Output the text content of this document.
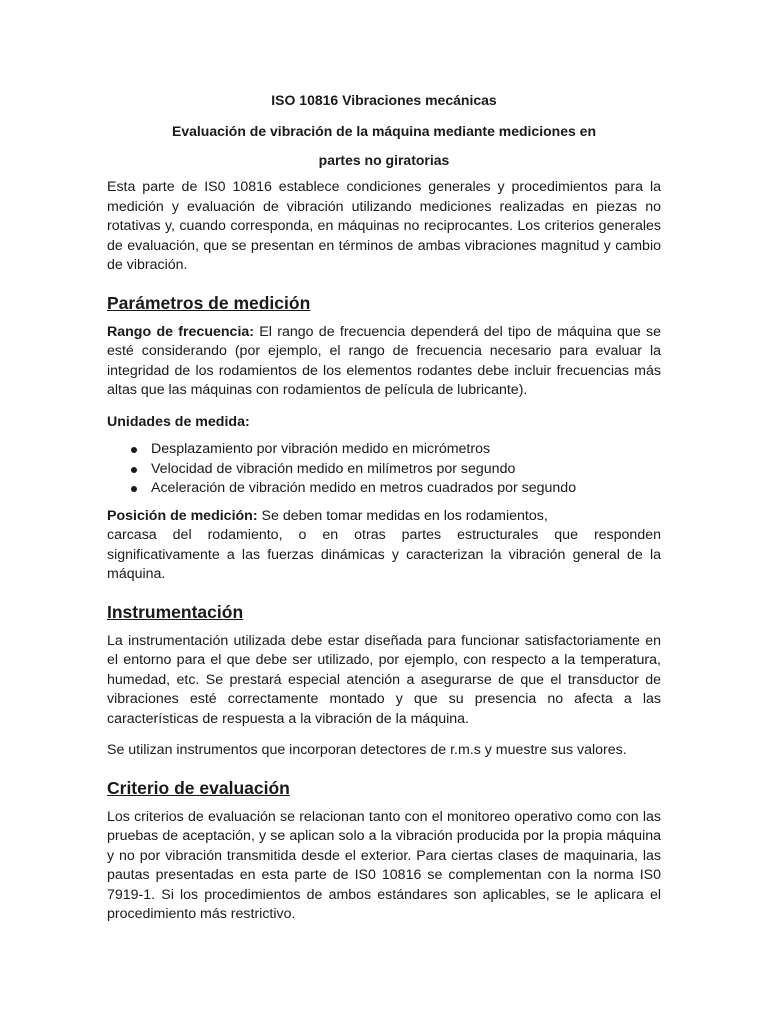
ISO 10816 Vibraciones mecánicas
Evaluación de vibración de la máquina mediante mediciones en
partes no giratorias

Esta parte de IS0 10816 establece condiciones generales y procedimientos para la medición y evaluación de vibración utilizando mediciones realizadas en piezas no rotativas y, cuando corresponda, en máquinas no reciprocantes. Los criterios generales de evaluación, que se presentan en términos de ambas vibraciones magnitud y cambio de vibración.

Parámetros de medición

Rango de frecuencia: El rango de frecuencia dependerá del tipo de máquina que se esté considerando (por ejemplo, el rango de frecuencia necesario para evaluar la integridad de los rodamientos de los elementos rodantes debe incluir frecuencias más altas que las máquinas con rodamientos de película de lubricante).

Unidades de medida:

Desplazamiento por vibración medido en micrómetros
Velocidad de vibración medido en milímetros por segundo
Aceleración de vibración medido en metros cuadrados por segundo

Posición de medición: Se deben tomar medidas en los rodamientos,
carcasa del rodamiento, o en otras partes estructurales que responden significativamente a las fuerzas dinámicas y caracterizan la vibración general de la máquina.

Instrumentación

La instrumentación utilizada debe estar diseñada para funcionar satisfactoriamente en el entorno para el que debe ser utilizado, por ejemplo, con respecto a la temperatura, humedad, etc. Se prestará especial atención a asegurarse de que el transductor de vibraciones esté correctamente montado y que su presencia no afecta a las características de respuesta a la vibración de la máquina.

Se utilizan instrumentos que incorporan detectores de r.m.s y muestre sus valores.

Criterio de evaluación

Los criterios de evaluación se relacionan tanto con el monitoreo operativo como con las pruebas de aceptación, y se aplican solo a la vibración producida por la propia máquina y no por vibración transmitida desde el exterior. Para ciertas clases de maquinaria, las pautas presentadas en esta parte de IS0 10816 se complementan con la norma IS0 7919-1. Si los procedimientos de ambos estándares son aplicables, se le aplicara el procedimiento más restrictivo.
